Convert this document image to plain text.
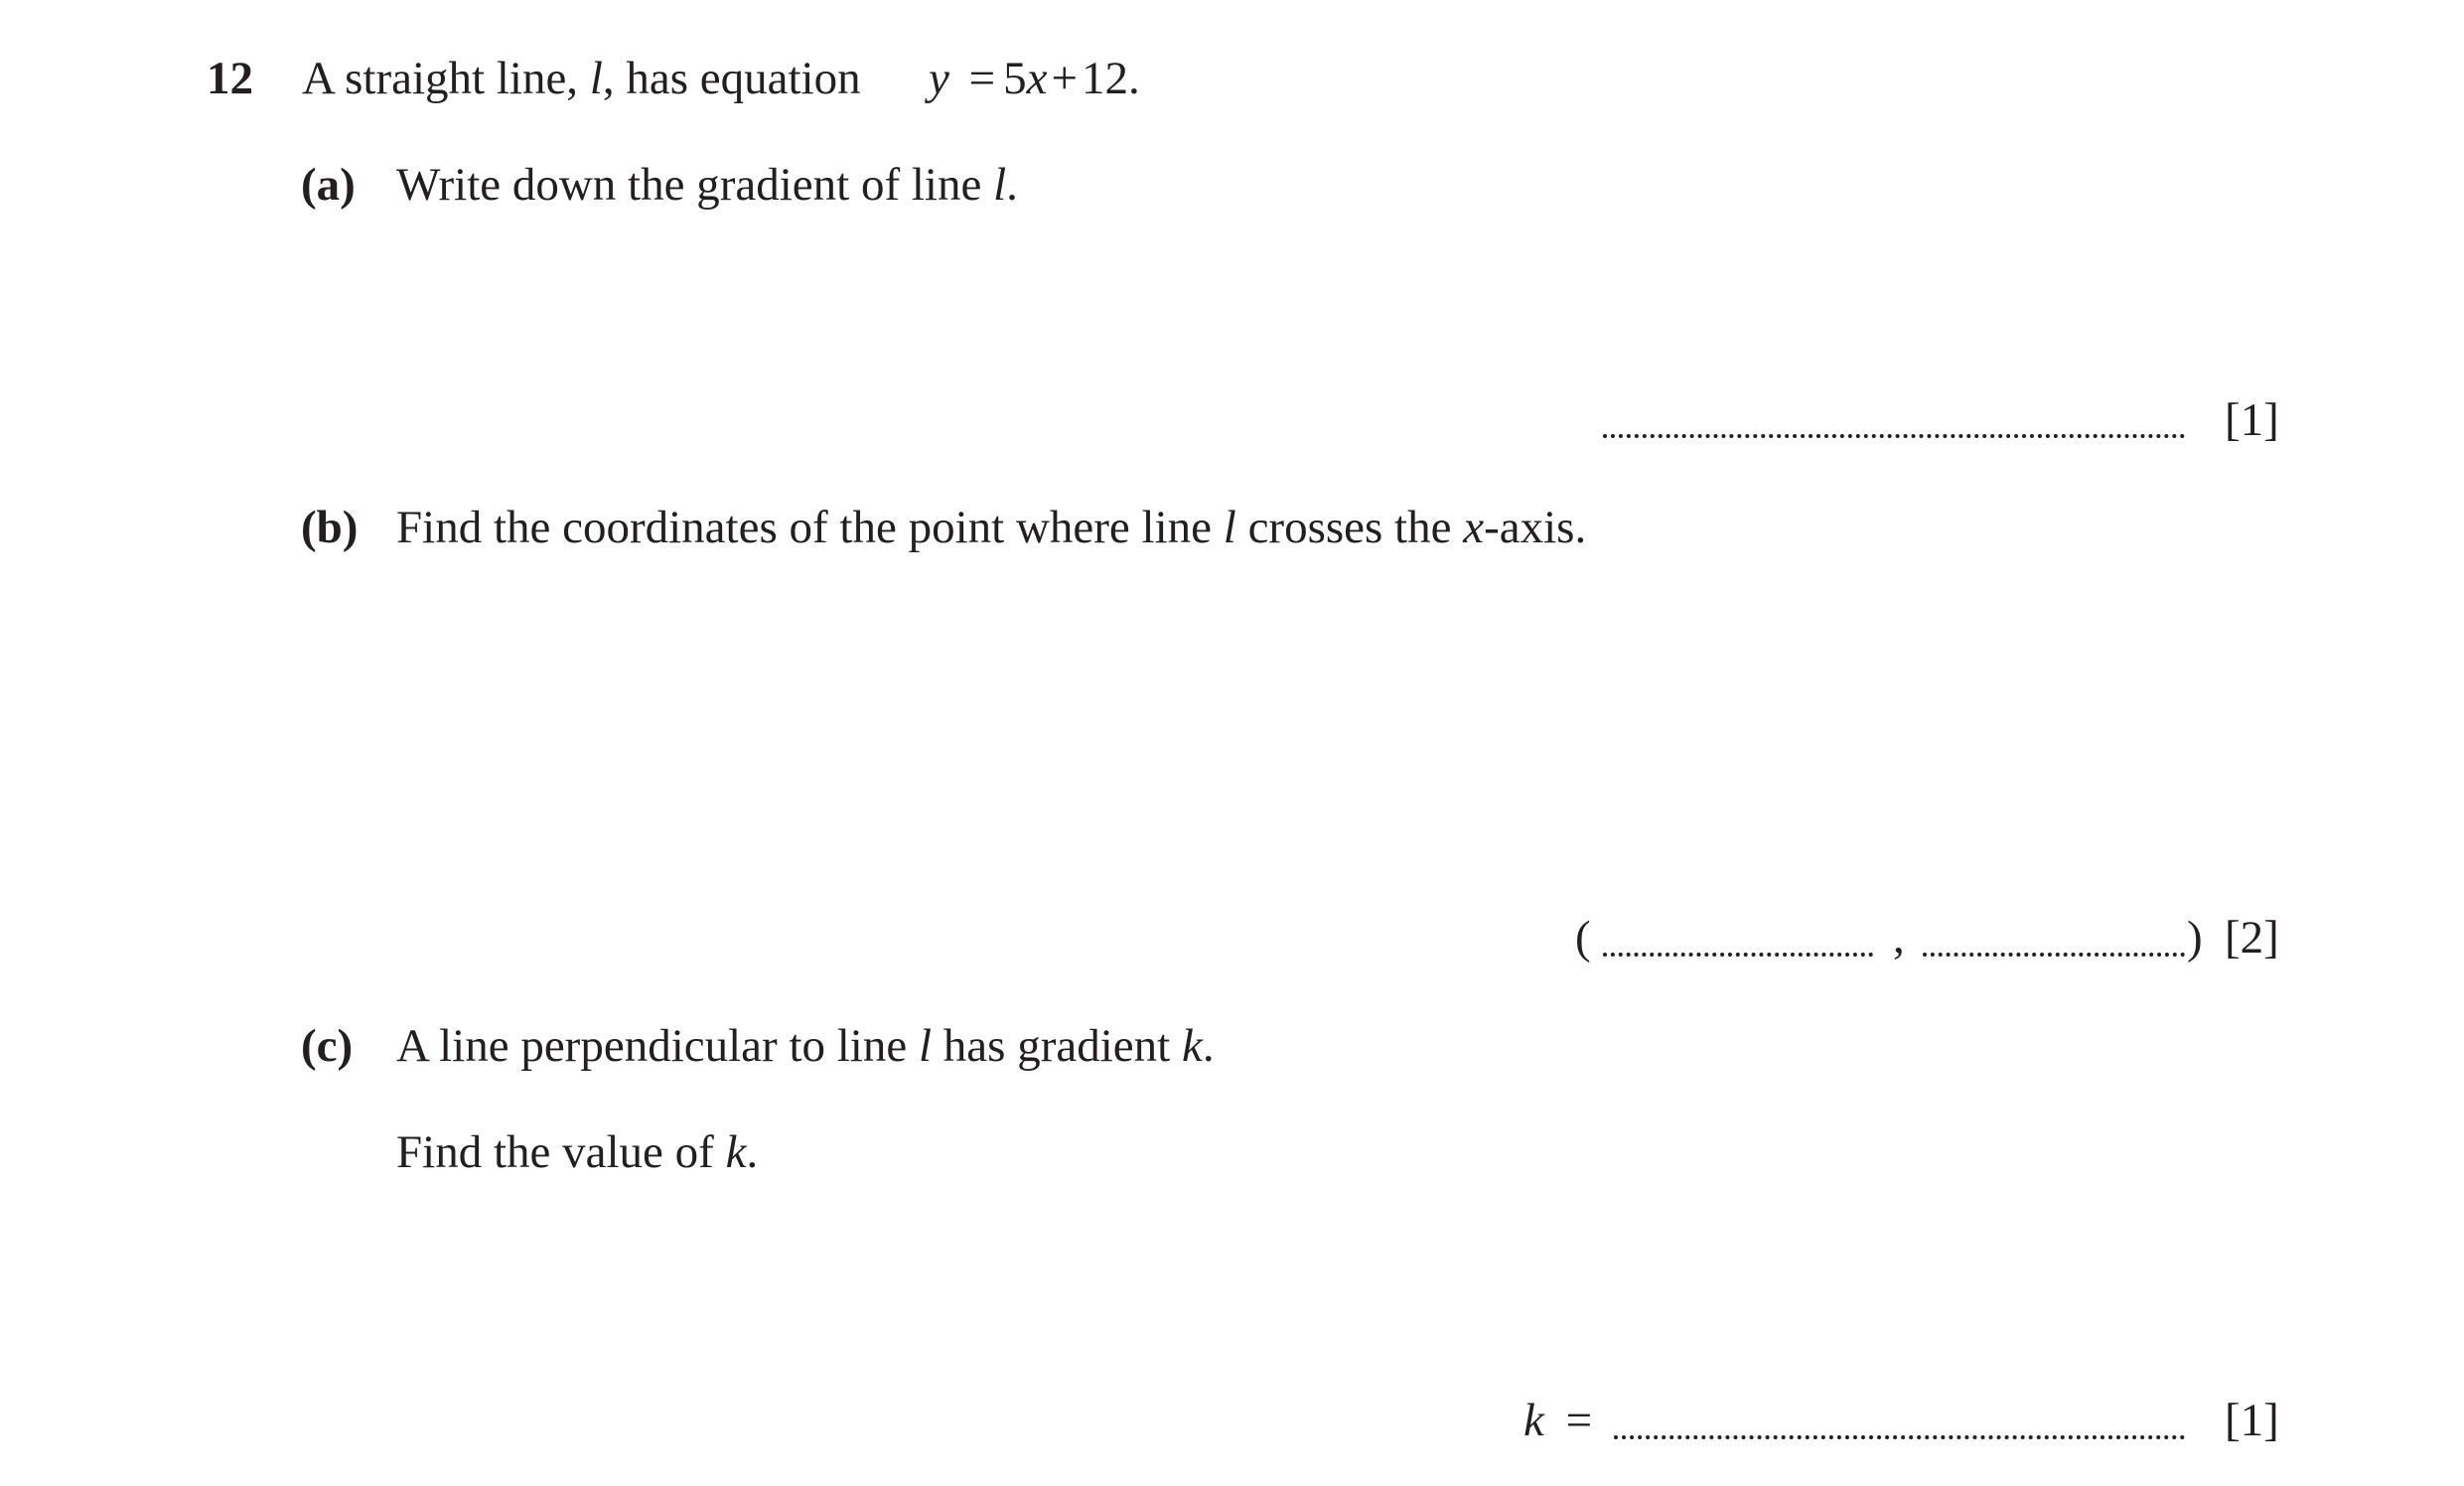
12 A straight line, l, has equation y = 5x+12.
(a) Write down the gradient of line l.
[1]
(b) Find the coordinates of the point where line l crosses the x-axis.
(	,	) [2]
(c) A line perpendicular to line l has gradient k.
Find the value of k.
k =	[1]
